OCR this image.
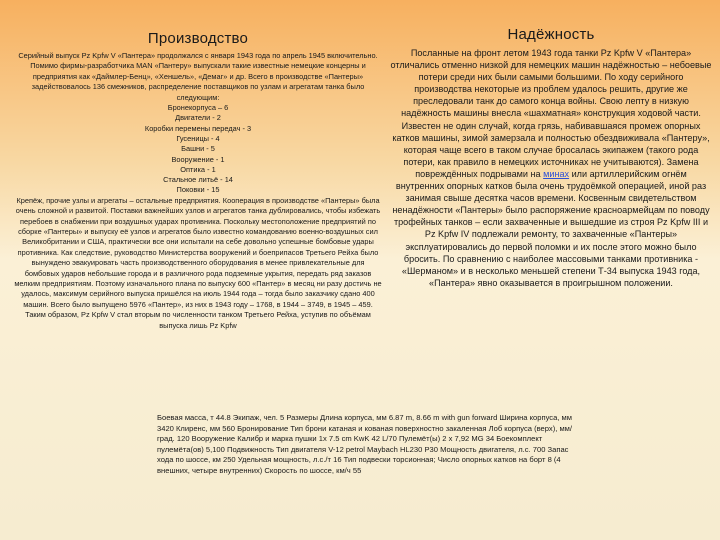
Производство

Серийный выпуск Pz Kpfw V «Пантера» продолжался с января 1943 года по апрель 1945 включительно. Помимо фирмы-разработчика MAN «Пантеру» выпускали такие известные немецкие концерны и предприятия как «Даймлер-Бенц», «Хеншель», «Демаг» и др. Всего в производстве «Пантеры» задействовалось 136 смежников, распределение поставщиков по узлам и агрегатам танка было следующим:

Бронекорпуса – 6
Двигатели - 2
Коробки перемены передач - 3
Гусеницы - 4
Башни - 5
Вооружение - 1
Оптика - 1
Стальное литьё - 14
Поковки - 15

Крепёж, прочие узлы и агрегаты – остальные предприятия. Кооперация в производстве «Пантеры» была очень сложной и развитой. Поставки важнейших узлов и агрегатов танка дублировались, чтобы избежать перебоев в снабжении при воздушных ударах противника. Поскольку местоположение предприятий по сборке «Пантеры» и выпуску её узлов и агрегатов было известно командованию военно-воздушных сил Великобритании и США, практически все они испытали на себе довольно успешные бомбовые удары противника. Как следствие, руководство Министерства вооружений и боеприпасов Третьего Рейха было вынуждено эвакуировать часть производственного оборудования в менее привлекательные для бомбовых ударов небольшие города и в различного рода подземные укрытия, передать ряд заказов мелким предприятиям. Поэтому изначального плана по выпуску 600 «Пантер» в месяц ни разу достичь не удалось, максимум серийного выпуска пришёлся на июль 1944 года – тогда было заказчику сдано 400 машин. Всего было выпущено 5976 «Пантер», из них в 1943 году – 1768, в 1944 – 3749, в 1945 – 459. Таким образом, Pz Kpfw V стал вторым по численности танком Третьего Рейха, уступив по объёмам выпуска лишь Pz Kpfw

Надёжность

Посланные на фронт летом 1943 года танки Pz Kpfw V «Пантера» отличались отменно низкой для немецких машин надёжностью – небоевые потери среди них были самыми большими. По ходу серийного производства некоторые из проблем удалось решить, другие же преследовали танк до самого конца войны. Свою лепту в низкую надёжность машины внесла «шахматная» конструкция ходовой части. Известен не один случай, когда грязь, набивавшаяся промеж опорных катков машины, зимой замерзала и полностью обездвиживала «Пантеру», которая чаще всего в таком случае бросалась экипажем (такого рода потери, как правило в немецких источниках не учитываются). Замена повреждённых подрывами на минах или артиллерийским огнём внутренних опорных катков была очень трудоёмкой операцией, иной раз занимая свыше десятка часов времени. Косвенным свидетельством ненадёжности «Пантеры» было распоряжение красноармейцам по поводу трофейных танков – если захваченные и вышедшие из строя Pz Kpfw III и Pz Kpfw IV подлежали ремонту, то захваченные «Пантеры» эксплуатировались до первой поломки и их после этого можно было бросить. По сравнению с наиболее массовыми танками противника - «Шерманом» и в несколько меньшей степени Т-34 выпуска 1943 года, «Пантера» явно оказывается в проигрышном положении.

Боевая масса, т 44.8 Экипаж, чел. 5 Размеры Длина корпуса, мм 6.87 m, 8.66 m with gun forward Ширина корпуса, мм 3420 Клиренс, мм 560 Бронирование Тип брони катаная и кованая поверхностно закаленная Лоб корпуса (верх), мм/град. 120 Вооружение Калибр и марка пушки 1x 7.5 cm KwK 42 L/70 Пулемёт(ы) 2 x 7,92 MG 34 Боекомплект пулемёта(ов) 5,100 Подвижность Тип двигателя V-12 petrol Maybach HL230 P30 Мощность двигателя, л.с. 700 Запас хода по шоссе, км 250 Удельная мощность, л.с./т 16 Тип подвески торсионная; Число опорных катков на борт 8 (4 внешних, четыре внутренних) Скорость по шоссе, км/ч 55
